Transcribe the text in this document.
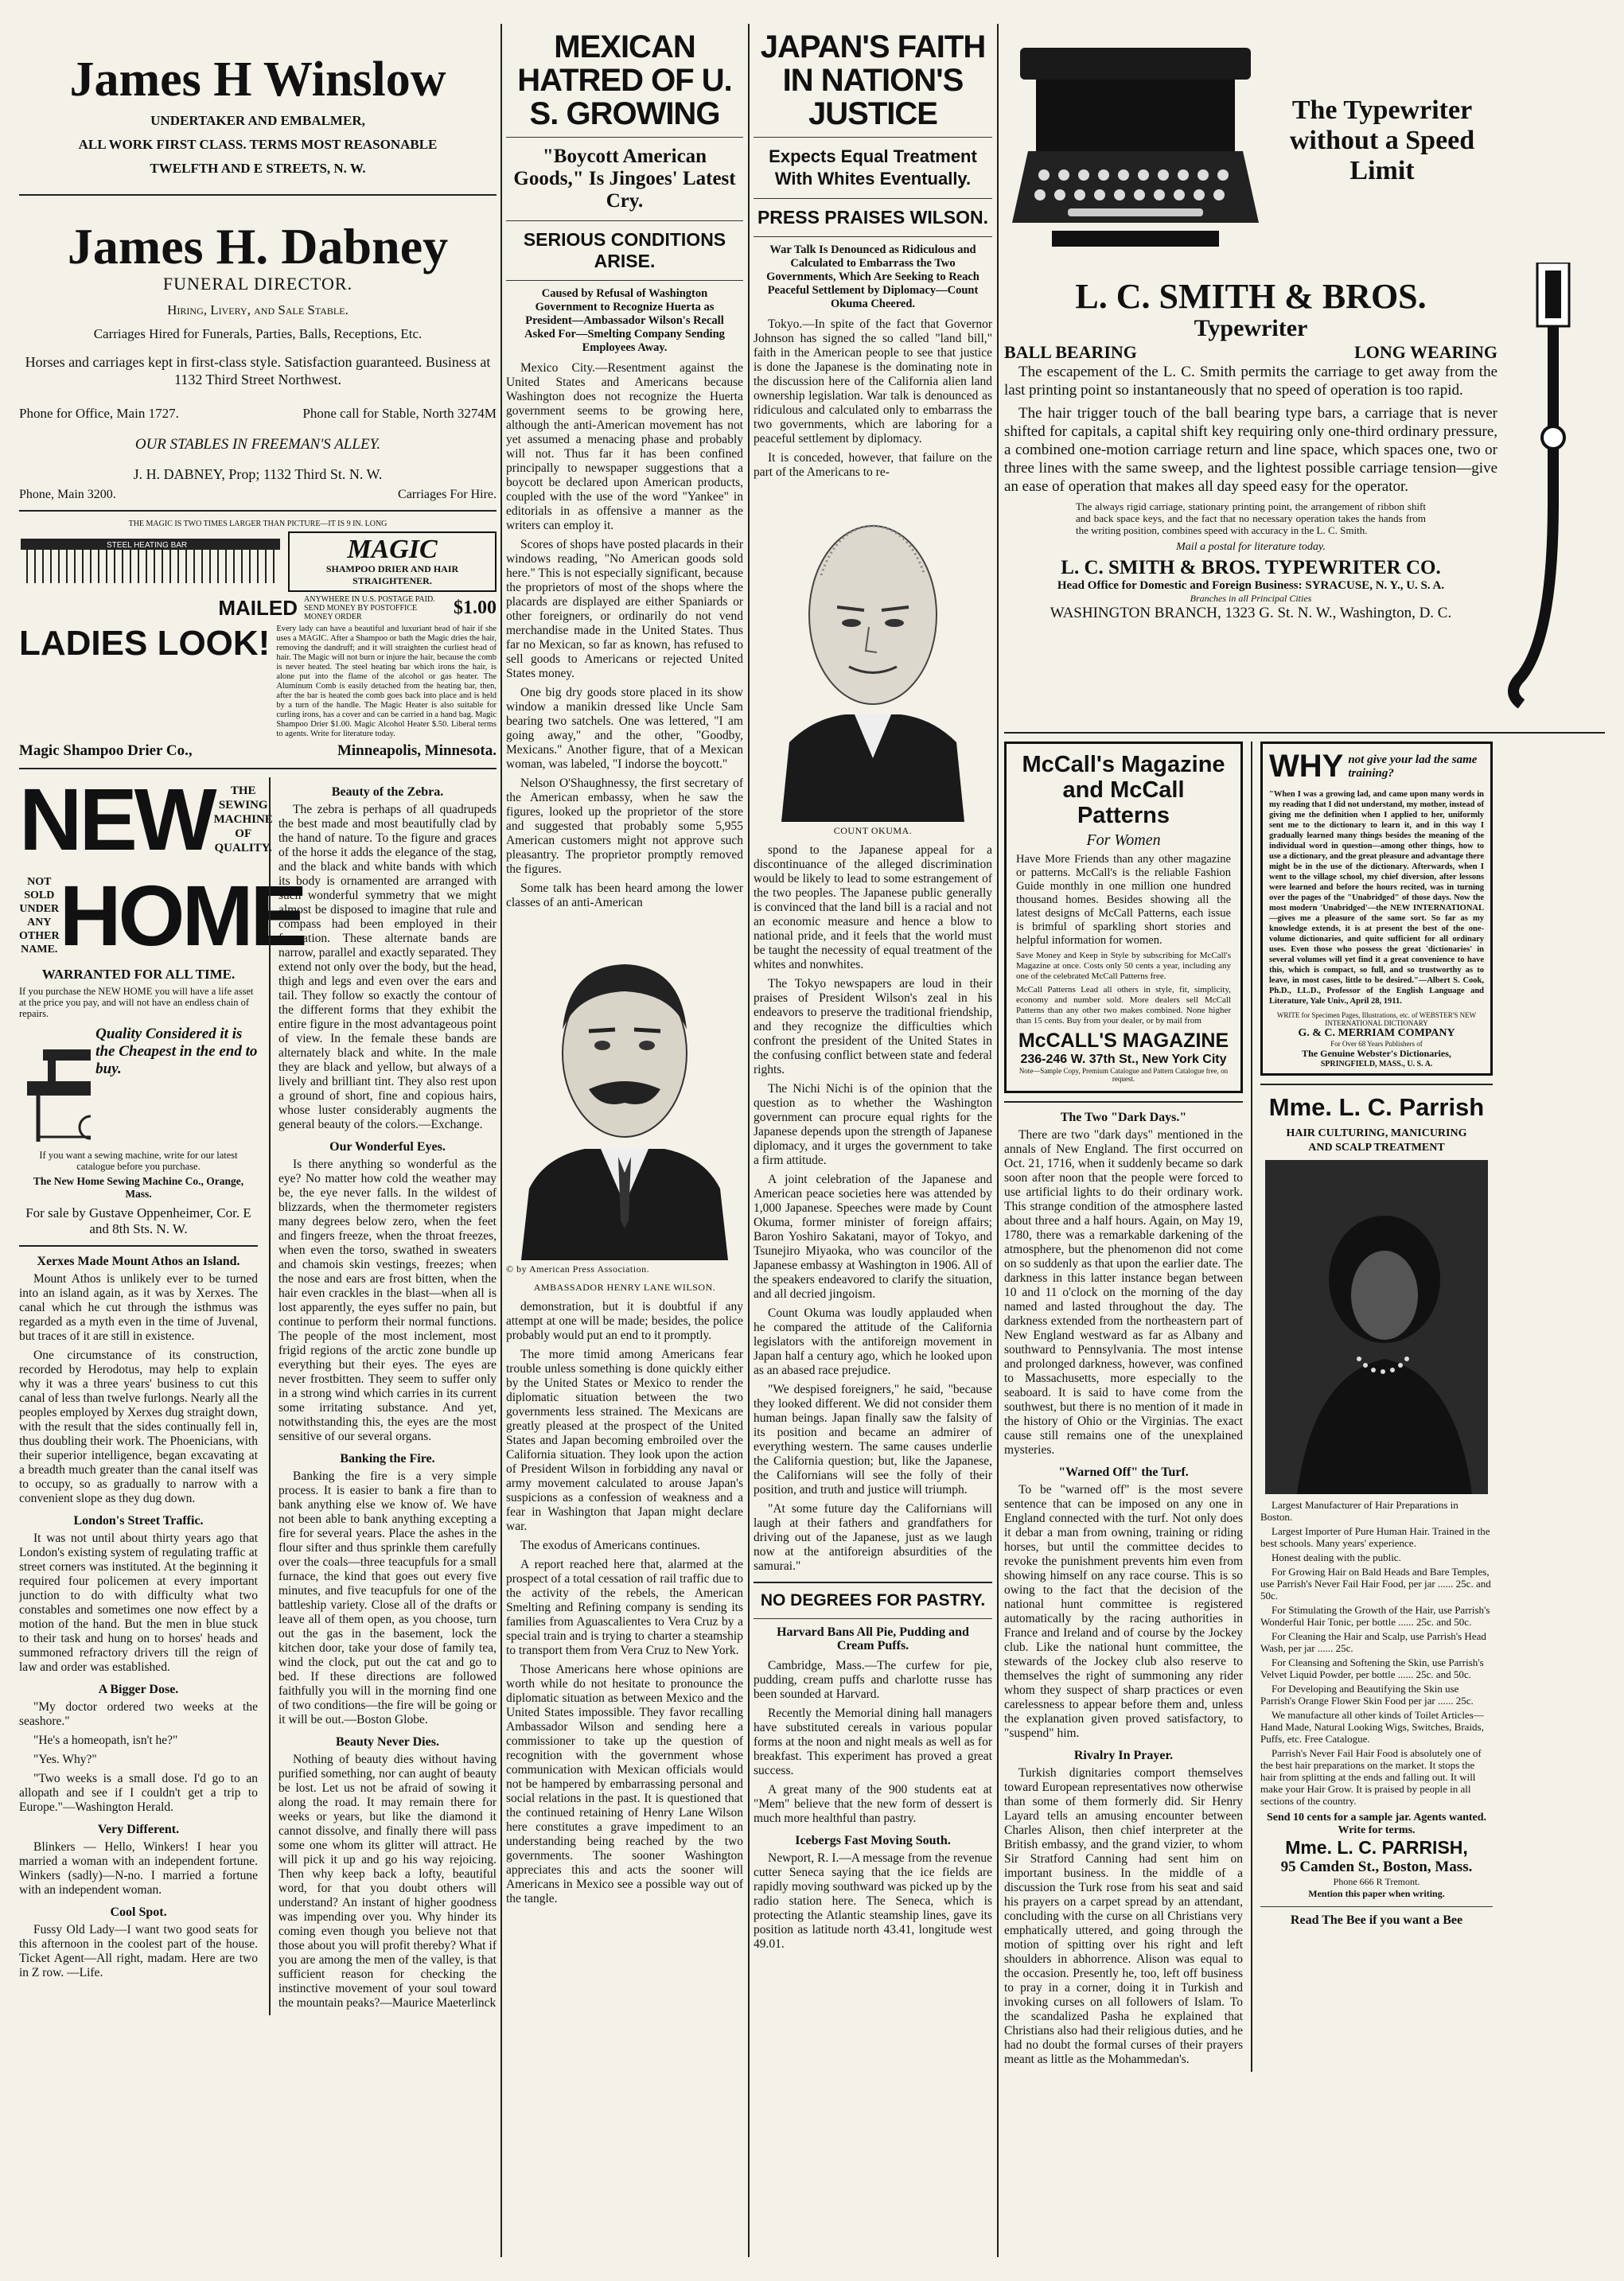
James H Winslow
UNDERTAKER AND EMBALMER,
ALL WORK FIRST CLASS. TERMS MOST REASONABLE
TWELFTH AND E STREETS, N. W.
James H. Dabney
FUNERAL DIRECTOR.
Hiring, Livery, and Sale Stable.
Carriages Hired for Funerals, Parties, Balls, Receptions, Etc.
Horses and carriages kept in first-class style. Satisfaction guaranteed. Business at 1132 Third Street Northwest.
Phone for Office, Main 1727.	Phone call for Stable, North 3274M
OUR STABLES IN FREEMAN'S ALLEY.
J. H. DABNEY, Prop; 1132 Third St. N. W.
Phone, Main 3200.	Carriages For Hire.
THE MAGIC IS TWO TIMES LARGER THAN PICTURE—IT IS 9 IN. LONG
STEEL HEATING BAR	MAGIC
SHAMPOO DRIER AND HAIR STRAIGHTENER.
MAILED ANYWHERE IN U.S. POSTAGE PAID. SEND MONEY BY POSTOFFICE MONEY ORDER	$1.00
LADIES LOOK! Every lady can have a beautiful and luxuriant head of hair if she uses a MAGIC. After a Shampoo or bath the Magic dries the hair, removing the dandruff; and it will straighten the curliest head of hair. The Magic will not burn or injure the hair, because the comb is never heated. The steel heating bar which irons the hair, is alone put into the flame of the alcohol or gas heater. The Aluminum Comb is easily detached from the heating bar, then, after the bar is heated the comb goes back into place and is held by a turn of the handle. The Magic Heater is also suitable for curling irons, has a cover and can be carried in a hand bag. Magic Shampoo Drier $1.00. Magic Alcohol Heater $.50. Liberal terms to agents. Write for literature today.
Magic Shampoo Drier Co.,	Minneapolis, Minnesota.
NEW	THE SEWING MACHINE OF QUALITY.
NOT SOLD UNDER ANY OTHER NAME. HOME
WARRANTED FOR ALL TIME.
If you purchase the NEW HOME you will have a life asset at the price you pay, and will not have an endless chain of repairs.
Quality Considered it is the Cheapest in the end to buy.
If you want a sewing machine, write for our latest catalogue before you purchase.
The New Home Sewing Machine Co., Orange, Mass.
For sale by Gustave Oppenheimer, Cor. E and 8th Sts. N. W.
Xerxes Made Mount Athos an Island.

Mount Athos is unlikely ever to be turned into an island again, as it was by Xerxes. The canal which he cut through the isthmus was regarded as a myth even in the time of Juvenal, but traces of it are still in existence.

One circumstance of its construction, recorded by Herodotus, may help to explain why it was a three years' business to cut this canal of less than twelve furlongs. Nearly all the peoples employed by Xerxes dug straight down, with the result that the sides continually fell in, thus doubling their work. The Phoenicians, with their superior intelligence, began excavating at a breadth much greater than the canal itself was to occupy, so as gradually to narrow with a convenient slope as they dug down.

London's Street Traffic.

It was not until about thirty years ago that London's existing system of regulating traffic at street corners was instituted. At the beginning it required four policemen at every important junction to do with difficulty what two constables and sometimes one now effect by a motion of the hand. But the men in blue stuck to their task and hung on to horses' heads and summoned refractory drivers till the reign of law and order was established.

A Bigger Dose.

"My doctor ordered two weeks at the seashore."

"He's a homeopath, isn't he?"

"Yes. Why?"

"Two weeks is a small dose. I'd go to an allopath and see if I couldn't get a trip to Europe."—Washington Herald.

Very Different.

Blinkers — Hello, Winkers! I hear you married a woman with an independent fortune. Winkers (sadly)—N-no. I married a fortune with an independent woman.

Cool Spot.

Fussy Old Lady—I want two good seats for this afternoon in the coolest part of the house. Ticket Agent—All right, madam. Here are two in Z row. —Life.

Beauty of the Zebra.

The zebra is perhaps of all quadrupeds the best made and most beautifully clad by the hand of nature. To the figure and graces of the horse it adds the elegance of the stag, and the black and white bands with which its body is ornamented are arranged with such wonderful symmetry that we might almost be disposed to imagine that rule and compass had been employed in their formation. These alternate bands are narrow, parallel and exactly separated. They extend not only over the body, but the head, thigh and legs and even over the ears and tail. They follow so exactly the contour of the different forms that they exhibit the entire figure in the most advantageous point of view. In the female these bands are alternately black and white. In the male they are black and yellow, but always of a lively and brilliant tint. They also rest upon a ground of short, fine and copious hairs, whose luster considerably augments the general beauty of the colors.—Exchange.

Our Wonderful Eyes.

Is there anything so wonderful as the eye? No matter how cold the weather may be, the eye never falls. In the wildest of blizzards, when the thermometer registers many degrees below zero, when the feet and fingers freeze, when the throat freezes, when even the torso, swathed in sweaters and chamois skin vestings, freezes; when the nose and ears are frost bitten, when the hair even crackles in the blast—when all is lost apparently, the eyes suffer no pain, but continue to perform their normal functions. The people of the most inclement, most frigid regions of the arctic zone bundle up everything but their eyes. The eyes are never frostbitten. They seem to suffer only in a strong wind which carries in its current some irritating substance. And yet, notwithstanding this, the eyes are the most sensitive of our several organs.

Banking the Fire.

Banking the fire is a very simple process. It is easier to bank a fire than to bank anything else we know of. We have not been able to bank anything excepting a fire for several years. Place the ashes in the flour sifter and thus sprinkle them carefully over the coals—three teacupfuls for a small furnace, the kind that goes out every five minutes, and five teacupfuls for one of the battleship variety. Close all of the drafts or leave all of them open, as you choose, turn out the gas in the basement, lock the kitchen door, take your dose of family tea, wind the clock, put out the cat and go to bed. If these directions are followed faithfully you will in the morning find one of two conditions—the fire will be going or it will be out.—Boston Globe.

Beauty Never Dies.

Nothing of beauty dies without having purified something, nor can aught of beauty be lost. Let us not be afraid of sowing it along the road. It may remain there for weeks or years, but like the diamond it cannot dissolve, and finally there will pass some one whom its glitter will attract. He will pick it up and go his way rejoicing. Then why keep back a lofty, beautiful word, for that you doubt others will understand? An instant of higher goodness was impending over you. Why hinder its coming even though you believe not that those about you will profit thereby? What if you are among the men of the valley, is that sufficient reason for checking the instinctive movement of your soul toward the mountain peaks?—Maurice Maeterlinck

MEXICAN HATRED OF U. S. GROWING
"Boycott American Goods," Is Jingoes' Latest Cry.
SERIOUS CONDITIONS ARISE.
Caused by Refusal of Washington Government to Recognize Huerta as President—Ambassador Wilson's Recall Asked For—Smelting Company Sending Employees Away.

Mexico City.—Resentment against the United States and Americans because Washington does not recognize the Huerta government seems to be growing here, although the anti-American movement has not yet assumed a menacing phase and probably will not. Thus far it has been confined principally to newspaper suggestions that a boycott be declared upon American products, coupled with the use of the word "Yankee" in editorials in as offensive a manner as the writers can employ it.

Scores of shops have posted placards in their windows reading, "No American goods sold here." This is not especially significant, because the proprietors of most of the shops where the placards are displayed are either Spaniards or other foreigners, or ordinarily do not vend merchandise made in the United States. Thus far no Mexican, so far as known, has refused to sell goods to Americans or rejected United States money.

One big dry goods store placed in its show window a manikin dressed like Uncle Sam bearing two satchels. One was lettered, "I am going away," and the other, "Goodby, Mexicans." Another figure, that of a Mexican woman, was labeled, "I indorse the boycott."

Nelson O'Shaughnessy, the first secretary of the American embassy, when he saw the figures, looked up the proprietor of the store and suggested that probably some 5,955 American customers might not approve such pleasantry. The proprietor promptly removed the figures.

Some talk has been heard among the lower classes of an anti-American

© by American Press Association.
AMBASSADOR HENRY LANE WILSON.

demonstration, but it is doubtful if any attempt at one will be made; besides, the police probably would put an end to it promptly.

The more timid among Americans fear trouble unless something is done quickly either by the United States or Mexico to render the diplomatic situation between the two governments less strained. The Mexicans are greatly pleased at the prospect of the United States and Japan becoming embroiled over the California situation. They look upon the action of President Wilson in forbidding any naval or army movement calculated to arouse Japan's suspicions as a confession of weakness and a fear in Washington that Japan might declare war.

The exodus of Americans continues.

A report reached here that, alarmed at the prospect of a total cessation of rail traffic due to the activity of the rebels, the American Smelting and Refining company is sending its families from Aguascalientes to Vera Cruz by a special train and is trying to charter a steamship to transport them from Vera Cruz to New York.

Those Americans here whose opinions are worth while do not hesitate to pronounce the diplomatic situation as between Mexico and the United States impossible. They favor recalling Ambassador Wilson and sending here a commissioner to take up the question of recognition with the government whose communication with Mexican officials would not be hampered by embarrassing personal and social relations in the past. It is questioned that the continued retaining of Henry Lane Wilson here constitutes a grave impediment to an understanding being reached by the two governments. The sooner Washington appreciates this and acts the sooner will Americans in Mexico see a possible way out of the tangle.

JAPAN'S FAITH IN NATION'S JUSTICE
Expects Equal Treatment With Whites Eventually.
PRESS PRAISES WILSON.
War Talk Is Denounced as Ridiculous and Calculated to Embarrass the Two Governments, Which Are Seeking to Reach Peaceful Settlement by Diplomacy—Count Okuma Cheered.

Tokyo.—In spite of the fact that Governor Johnson has signed the so called "land bill," faith in the American people to see that justice is done the Japanese is the dominating note in the discussion here of the California alien land ownership legislation. War talk is denounced as ridiculous and calculated only to embarrass the two governments, which are laboring for a peaceful settlement by diplomacy.

It is conceded, however, that failure on the part of the Americans to re-

COUNT OKUMA.

spond to the Japanese appeal for a discontinuance of the alleged discrimination would be likely to lead to some estrangement of the two peoples. The Japanese public generally is convinced that the land bill is a racial and not an economic measure and hence a blow to national pride, and it feels that the world must be taught the necessity of equal treatment of the whites and nonwhites.

The Tokyo newspapers are loud in their praises of President Wilson's zeal in his endeavors to preserve the traditional friendship, and they recognize the difficulties which confront the president of the United States in the confusing conflict between state and federal rights.

The Nichi Nichi is of the opinion that the question as to whether the Washington government can procure equal rights for the Japanese depends upon the strength of Japanese diplomacy, and it urges the government to take a firm attitude.

A joint celebration of the Japanese and American peace societies here was attended by 1,000 Japanese. Speeches were made by Count Okuma, former minister of foreign affairs; Baron Yoshiro Sakatani, mayor of Tokyo, and Tsunejiro Miyaoka, who was councilor of the Japanese embassy at Washington in 1906. All of the speakers endeavored to clarify the situation, and all decried jingoism.

Count Okuma was loudly applauded when he compared the attitude of the California legislators with the antiforeign movement in Japan half a century ago, which he looked upon as an abased race prejudice.

"We despised foreigners," he said, "because they looked different. We did not consider them human beings. Japan finally saw the falsity of its position and became an admirer of everything western. The same causes underlie the California question; but, like the Japanese, the Californians will see the folly of their position, and truth and justice will triumph.

"At some future day the Californians will laugh at their fathers and grandfathers for driving out of the Japanese, just as we laugh now at the antiforeign absurdities of the samurai."

NO DEGREES FOR PASTRY.
Harvard Bans All Pie, Pudding and Cream Puffs.

Cambridge, Mass.—The curfew for pie, pudding, cream puffs and charlotte russe has been sounded at Harvard.

Recently the Memorial dining hall managers have substituted cereals in various popular forms at the noon and night meals as well as for breakfast. This experiment has proved a great success.

A great many of the 900 students eat at "Mem" believe that the new form of dessert is much more healthful than pastry.

Icebergs Fast Moving South.

Newport, R. I.—A message from the revenue cutter Seneca saying that the ice fields are rapidly moving southward was picked up by the radio station here. The Seneca, which is protecting the Atlantic steamship lines, gave its position as latitude north 43.41, longitude west 49.01.

The Typewriter without a Speed Limit
L. C. SMITH & BROS.
Typewriter
BALL BEARING	LONG WEARING

The escapement of the L. C. Smith permits the carriage to get away from the last printing point so instantaneously that no speed of operation is too rapid.

The hair trigger touch of the ball bearing type bars, a carriage that is never shifted for capitals, a capital shift key requiring only one-third ordinary pressure, a combined one-motion carriage return and line space, which spaces one, two or three lines with the same sweep, and the lightest possible carriage tension—give an ease of operation that makes all day speed easy for the operator.

The always rigid carriage, stationary printing point, the arrangement of ribbon shift and back space keys, and the fact that no necessary operation takes the hands from the writing position, combines speed with accuracy in the L. C. Smith.

Mail a postal for literature today.
L. C. SMITH & BROS. TYPEWRITER CO.
Head Office for Domestic and Foreign Business: SYRACUSE, N. Y., U. S. A.
Branches in all Principal Cities
WASHINGTON BRANCH, 1323 G. St. N. W., Washington, D. C.
McCall's Magazine and McCall Patterns
For Women

Have More Friends than any other magazine or patterns. McCall's is the reliable Fashion Guide monthly in one million one hundred thousand homes. Besides showing all the latest designs of McCall Patterns, each issue is brimful of sparkling short stories and helpful information for women.

Save Money and Keep in Style by subscribing for McCall's Magazine at once. Costs only 50 cents a year, including any one of the celebrated McCall Patterns free.

McCall Patterns Lead all others in style, fit, simplicity, economy and number sold. More dealers sell McCall Patterns than any other two makes combined. None higher than 15 cents. Buy from your dealer, or by mail from

McCALL'S MAGAZINE
236-246 W. 37th St., New York City
Note—Sample Copy, Premium Catalogue and Pattern Catalogue free, on request.
The Two "Dark Days."

There are two "dark days" mentioned in the annals of New England. The first occurred on Oct. 21, 1716, when it suddenly became so dark soon after noon that the people were forced to use artificial lights to do their ordinary work. This strange condition of the atmosphere lasted about three and a half hours. Again, on May 19, 1780, there was a remarkable darkening of the atmosphere, but the phenomenon did not come on so suddenly as that upon the earlier date. The darkness in this latter instance began between 10 and 11 o'clock on the morning of the day named and lasted throughout the day. The darkness extended from the northeastern part of New England westward as far as Albany and southward to Pennsylvania. The most intense and prolonged darkness, however, was confined to Massachusetts, more especially to the seaboard. It is said to have come from the southwest, but there is no mention of it made in the history of Ohio or the Virginias. The exact cause still remains one of the unexplained mysteries.

"Warned Off" the Turf.

To be "warned off" is the most severe sentence that can be imposed on any one in England connected with the turf. Not only does it debar a man from owning, training or riding horses, but until the committee decides to revoke the punishment prevents him even from showing himself on any race course. This is so owing to the fact that the decision of the national hunt committee is registered automatically by the racing authorities in France and Ireland and of course by the Jockey club. Like the national hunt committee, the stewards of the Jockey club also reserve to themselves the right of summoning any rider whom they suspect of sharp practices or even carelessness to appear before them and, unless the explanation given proved satisfactory, to "suspend" him.

Rivalry In Prayer.

Turkish dignitaries comport themselves toward European representatives now otherwise than some of them formerly did. Sir Henry Layard tells an amusing encounter between Charles Alison, then chief interpreter at the British embassy, and the grand vizier, to whom Sir Stratford Canning had sent him on important business. In the middle of a discussion the Turk rose from his seat and said his prayers on a carpet spread by an attendant, concluding with the curse on all Christians very emphatically uttered, and going through the motion of spitting over his right and left shoulders in abhorrence. Alison was equal to the occasion. Presently he, too, left off business to pray in a corner, doing it in Turkish and invoking curses on all followers of Islam. To the scandalized Pasha he explained that Christians also had their religious duties, and he had no doubt the formal curses of their prayers meant as little as the Mohammedan's.

WHY not give your lad the same training?

"When I was a growing lad, and came upon many words in my reading that I did not understand, my mother, instead of giving me the definition when I applied to her, uniformly sent me to the dictionary to learn it, and in this way I gradually learned many things besides the meaning of the individual word in question—among other things, how to use a dictionary, and the great pleasure and advantage there might be in the use of the dictionary. Afterwards, when I went to the village school, my chief diversion, after lessons were learned and before the hours recited, was in turning over the pages of the "Unabridged" of those days. Now the most modern 'Unabridged'—the NEW INTERNATIONAL—gives me a pleasure of the same sort. So far as my knowledge extends, it is at present the best of the one-volume dictionaries, and quite sufficient for all ordinary uses. Even those who possess the great 'dictionaries' in several volumes will yet find it a great convenience to have this, which is compact, so full, and so trustworthy as to leave, in most cases, little to be desired."—Albert S. Cook, Ph.D., LL.D., Professor of the English Language and Literature, Yale Univ., April 28, 1911.

WRITE for Specimen Pages, Illustrations, etc. of WEBSTER'S NEW INTERNATIONAL DICTIONARY
G. & C. MERRIAM COMPANY
For Over 68 Years Publishers of
The Genuine Webster's Dictionaries,
SPRINGFIELD, MASS., U. S. A.
Mme. L. C. Parrish
HAIR CULTURING, MANICURING AND SCALP TREATMENT
Largest Manufacturer of Hair Preparations in Boston.
Largest Importer of Pure Human Hair. Trained in the best schools. Many years' experience.
Honest dealing with the public.
For Growing Hair on Bald Heads and Bare Temples, use Parrish's Never Fail Hair Food, per jar ...... 25c. and 50c.
For Stimulating the Growth of the Hair, use Parrish's Wonderful Hair Tonic, per bottle ...... 25c. and 50c.
For Cleaning the Hair and Scalp, use Parrish's Head Wash, per jar ...... 25c.
For Cleansing and Softening the Skin, use Parrish's Velvet Liquid Powder, per bottle ...... 25c. and 50c.
For Developing and Beautifying the Skin use Parrish's Orange Flower Skin Food per jar ...... 25c.
We manufacture all other kinds of Toilet Articles—Hand Made, Natural Looking Wigs, Switches, Braids, Puffs, etc. Free Catalogue.
Parrish's Never Fail Hair Food is absolutely one of the best hair preparations on the market. It stops the hair from splitting at the ends and falling out. It will make your Hair Grow. It is praised by people in all sections of the country.
Send 10 cents for a sample jar. Agents wanted. Write for terms.
Mme. L. C. PARRISH,
95 Camden St., Boston, Mass.
Phone 666 R Tremont.
Mention this paper when writing.
Read The Bee if you want a Bee
